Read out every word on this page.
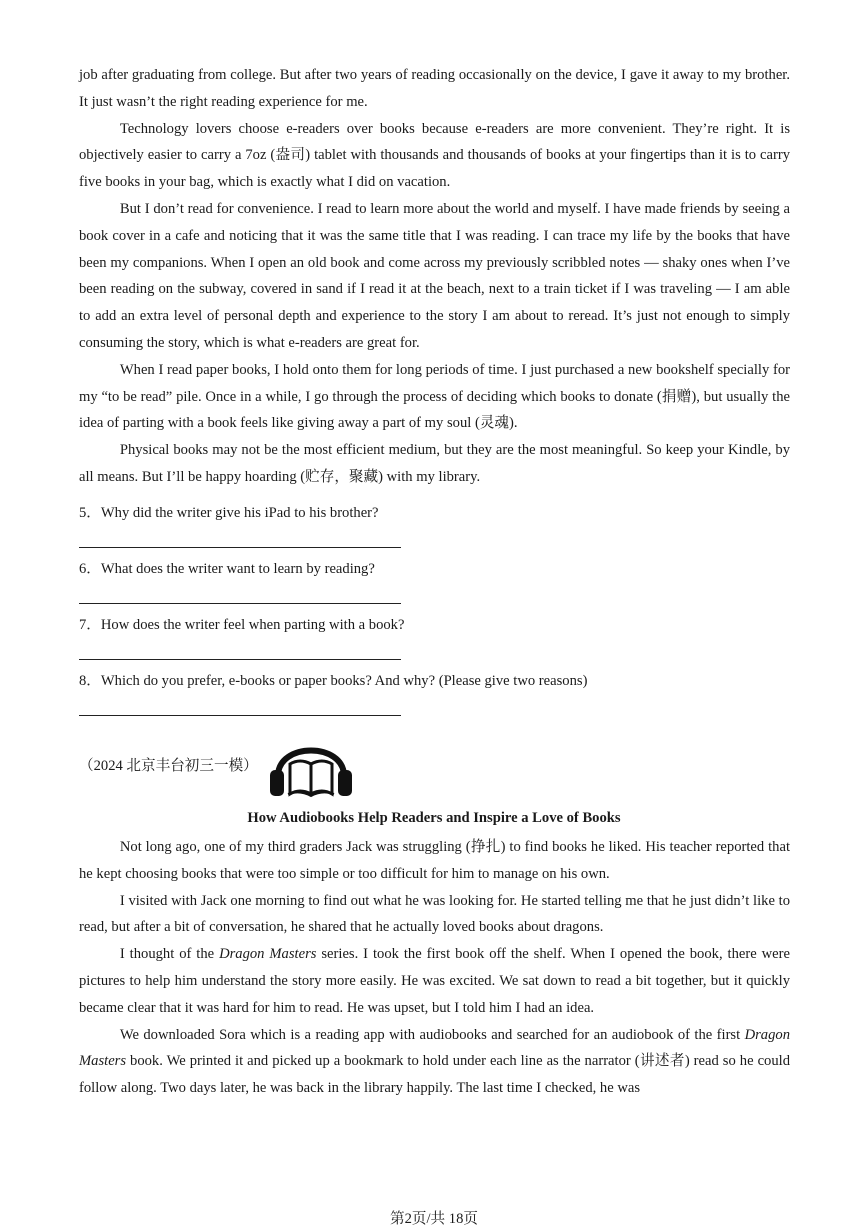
job after graduating from college. But after two years of reading occasionally on the device, I gave it away to my brother. It just wasn’t the right reading experience for me.

Technology lovers choose e-readers over books because e-readers are more convenient. They’re right. It is objectively easier to carry a 7oz (盎司) tablet with thousands and thousands of books at your fingertips than it is to carry five books in your bag, which is exactly what I did on vacation.

But I don’t read for convenience. I read to learn more about the world and myself. I have made friends by seeing a book cover in a cafe and noticing that it was the same title that I was reading. I can trace my life by the books that have been my companions. When I open an old book and come across my previously scribbled notes — shaky ones when I’ve been reading on the subway, covered in sand if I read it at the beach, next to a train ticket if I was traveling — I am able to add an extra level of personal depth and experience to the story I am about to reread. It’s just not enough to simply consuming the story, which is what e-readers are great for.

When I read paper books, I hold onto them for long periods of time. I just purchased a new bookshelf specially for my “to be read” pile. Once in a while, I go through the process of deciding which books to donate (捐赠), but usually the idea of parting with a book feels like giving away a part of my soul (灵魂).

Physical books may not be the most efficient medium, but they are the most meaningful. So keep your Kindle, by all means. But I’ll be happy hoarding (贮存，聚藏) with my library.

5．Why did the writer give his iPad to his brother?
6．What does the writer want to learn by reading?
7．How does the writer feel when parting with a book?
8．Which do you prefer, e-books or paper books? And why? (Please give two reasons)
（2024 北京丰台初三一模）
How Audiobooks Help Readers and Inspire a Love of Books

Not long ago, one of my third graders Jack was struggling (挣扎) to find books he liked. His teacher reported that he kept choosing books that were too simple or too difficult for him to manage on his own.

I visited with Jack one morning to find out what he was looking for. He started telling me that he just didn’t like to read, but after a bit of conversation, he shared that he actually loved books about dragons.

I thought of the Dragon Masters series. I took the first book off the shelf. When I opened the book, there were pictures to help him understand the story more easily. He was excited. We sat down to read a bit together, but it quickly became clear that it was hard for him to read. He was upset, but I told him I had an idea.

We downloaded Sora which is a reading app with audiobooks and searched for an audiobook of the first Dragon Masters book. We printed it and picked up a bookmark to hold under each line as the narrator (讲述者) read so he could follow along. Two days later, he was back in the library happily. The last time I checked, he was

第2页/共 18页
